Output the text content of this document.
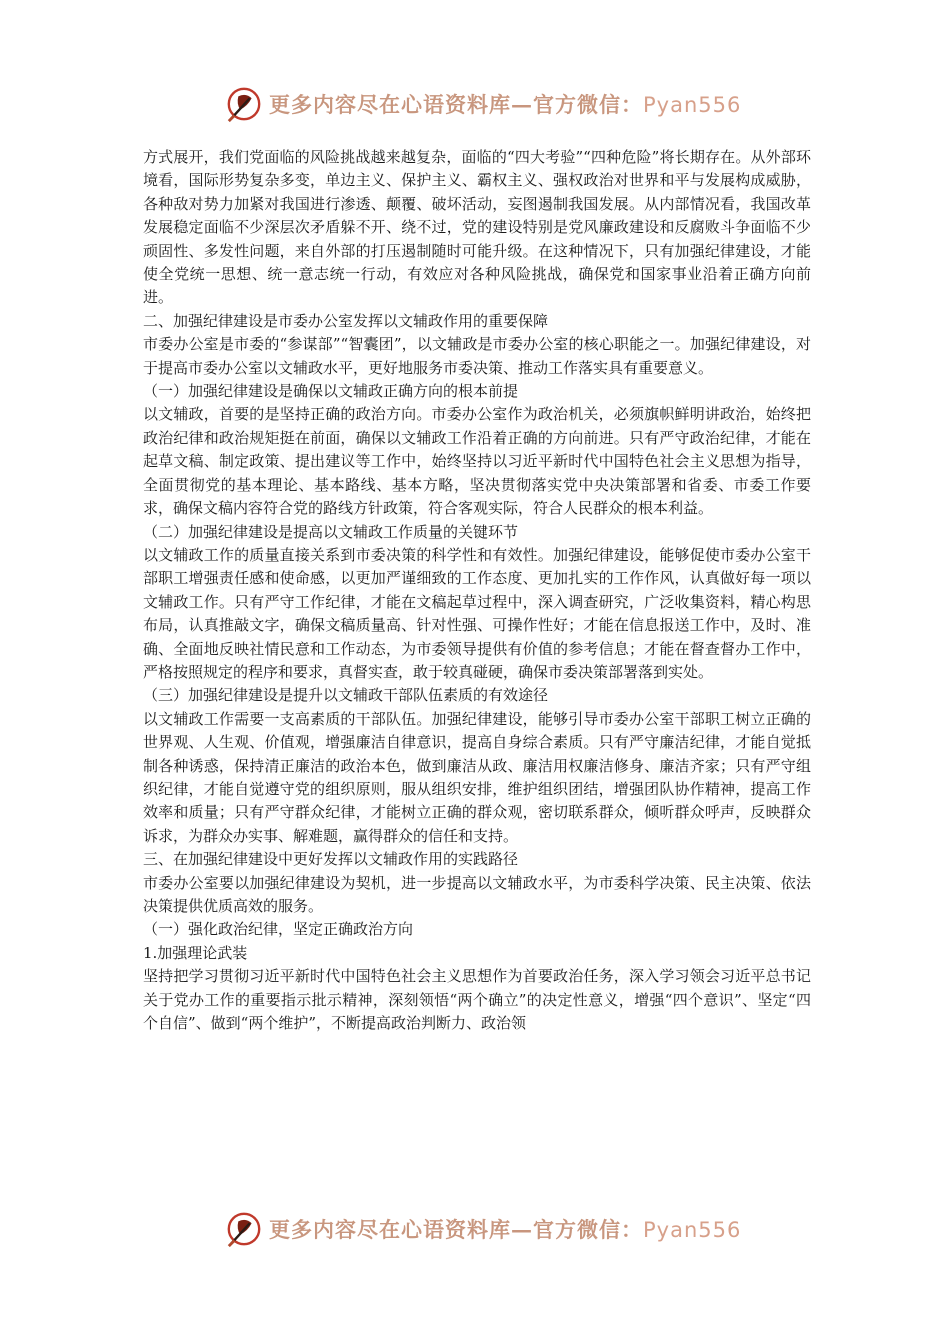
更多内容尽在心语资料库—官方微信：Pyan556

方式展开，我们党面临的风险挑战越来越复杂，面临的“四大考验”“四种危险”将长期存在。从外部环境看，国际形势复杂多变，单边主义、保护主义、霸权主义、强权政治对世界和平与发展构成威胁，各种敌对势力加紧对我国进行渗透、颠覆、破坏活动，妄图遏制我国发展。从内部情况看，我国改革发展稳定面临不少深层次矛盾躲不开、绕不过，党的建设特别是党风廉政建设和反腐败斗争面临不少顽固性、多发性问题，来自外部的打压遏制随时可能升级。在这种情况下，只有加强纪律建设，才能使全党统一思想、统一意志统一行动，有效应对各种风险挑战，确保党和国家事业沿着正确方向前进。

二、加强纪律建设是市委办公室发挥以文辅政作用的重要保障

市委办公室是市委的“参谋部”“智囊团”，以文辅政是市委办公室的核心职能之一。加强纪律建设，对于提高市委办公室以文辅政水平，更好地服务市委决策、推动工作落实具有重要意义。

（一）加强纪律建设是确保以文辅政正确方向的根本前提

以文辅政，首要的是坚持正确的政治方向。市委办公室作为政治机关，必须旗帜鲜明讲政治，始终把政治纪律和政治规矩挺在前面，确保以文辅政工作沿着正确的方向前进。只有严守政治纪律，才能在起草文稿、制定政策、提出建议等工作中，始终坚持以习近平新时代中国特色社会主义思想为指导，全面贯彻党的基本理论、基本路线、基本方略，坚决贯彻落实党中央决策部署和省委、市委工作要求，确保文稿内容符合党的路线方针政策，符合客观实际，符合人民群众的根本利益。

（二）加强纪律建设是提高以文辅政工作质量的关键环节

以文辅政工作的质量直接关系到市委决策的科学性和有效性。加强纪律建设，能够促使市委办公室干部职工增强责任感和使命感，以更加严谨细致的工作态度、更加扎实的工作作风，认真做好每一项以文辅政工作。只有严守工作纪律，才能在文稿起草过程中，深入调查研究，广泛收集资料，精心构思布局，认真推敲文字，确保文稿质量高、针对性强、可操作性好；才能在信息报送工作中，及时、准确、全面地反映社情民意和工作动态，为市委领导提供有价值的参考信息；才能在督查督办工作中，严格按照规定的程序和要求，真督实查，敢于较真碰硬，确保市委决策部署落到实处。

（三）加强纪律建设是提升以文辅政干部队伍素质的有效途径

以文辅政工作需要一支高素质的干部队伍。加强纪律建设，能够引导市委办公室干部职工树立正确的世界观、人生观、价值观，增强廉洁自律意识，提高自身综合素质。只有严守廉洁纪律，才能自觉抵制各种诱惑，保持清正廉洁的政治本色，做到廉洁从政、廉洁用权廉洁修身、廉洁齐家；只有严守组织纪律，才能自觉遵守党的组织原则，服从组织安排，维护组织团结，增强团队协作精神，提高工作效率和质量；只有严守群众纪律，才能树立正确的群众观，密切联系群众，倾听群众呼声，反映群众诉求，为群众办实事、解难题，赢得群众的信任和支持。

三、在加强纪律建设中更好发挥以文辅政作用的实践路径

市委办公室要以加强纪律建设为契机，进一步提高以文辅政水平，为市委科学决策、民主决策、依法决策提供优质高效的服务。

（一）强化政治纪律，坚定正确政治方向

1.加强理论武装

坚持把学习贯彻习近平新时代中国特色社会主义思想作为首要政治任务，深入学习领会习近平总书记关于党办工作的重要指示批示精神，深刻领悟“两个确立”的决定性意义，增强“四个意识”、坚定“四个自信”、做到“两个维护”，不断提高政治判断力、政治领

更多内容尽在心语资料库—官方微信：Pyan556
